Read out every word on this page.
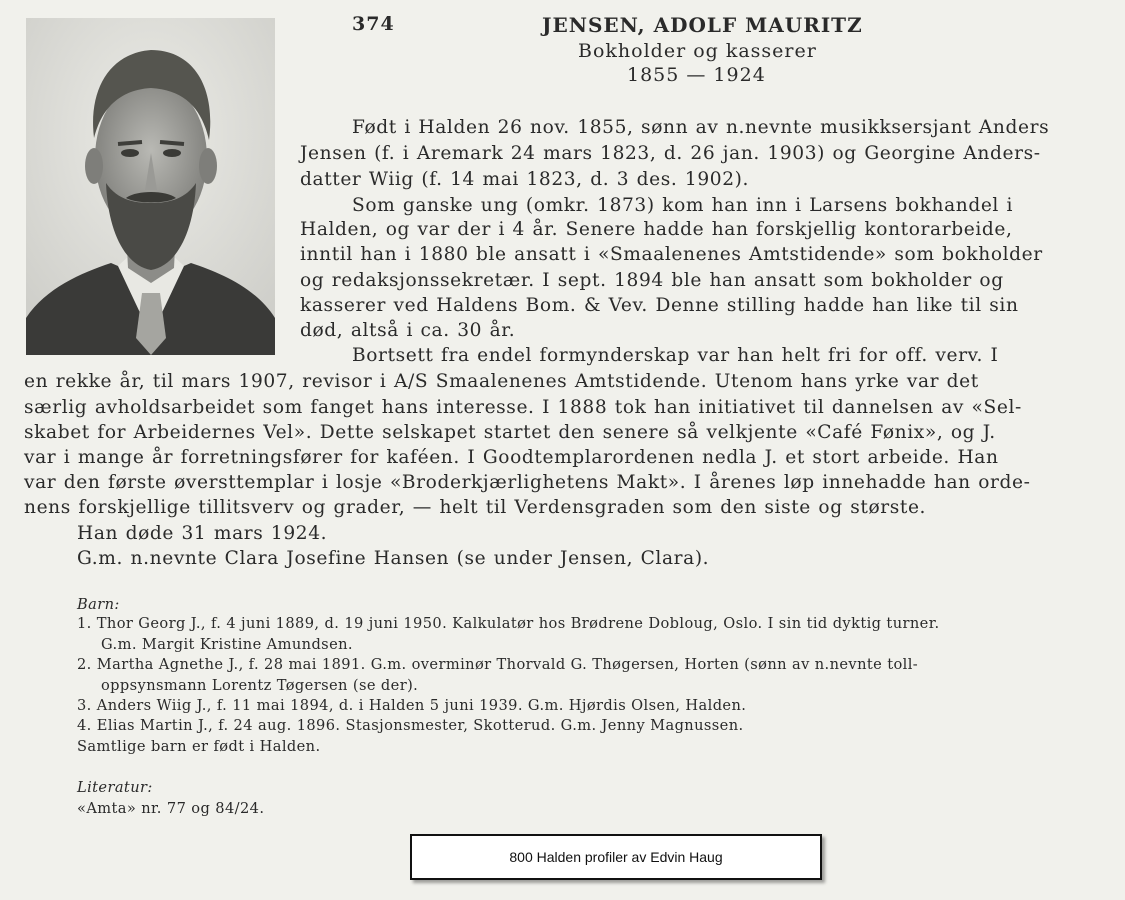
374	JENSEN, ADOLF MAURITZ
Bokholder og kasserer
1855 — 1924
Født i Halden 26 nov. 1855, sønn av n.nevnte musikksersjant Anders
Jensen (f. i Aremark 24 mars 1823, d. 26 jan. 1903) og Georgine Anders-
datter Wiig (f. 14 mai 1823, d. 3 des. 1902).
Som ganske ung (omkr. 1873) kom han inn i Larsens bokhandel i
Halden, og var der i 4 år. Senere hadde han forskjellig kontorarbeide,
inntil han i 1880 ble ansatt i «Smaalenenes Amtstidende» som bokholder
og redaksjonssekretær. I sept. 1894 ble han ansatt som bokholder og
kasserer ved Haldens Bom. & Vev. Denne stilling hadde han like til sin
død, altså i ca. 30 år.
Bortsett fra endel formynderskap var han helt fri for off. verv. I
en rekke år, til mars 1907, revisor i A/S Smaalenenes Amtstidende. Utenom hans yrke var det
særlig avholdsarbeidet som fanget hans interesse. I 1888 tok han initiativet til dannelsen av «Sel-
skabet for Arbeidernes Vel». Dette selskapet startet den senere så velkjente «Café Fønix», og J.
var i mange år forretningsfører for kaféen. I Goodtemplarordenen nedla J. et stort arbeide. Han
var den første øversttemplar i losje «Broderkjærlighetens Makt». I årenes løp innehadde han orde-
nens forskjellige tillitsverv og grader, — helt til Verdensgraden som den siste og største.
Han døde 31 mars 1924.
G.m. n.nevnte Clara Josefine Hansen (se under Jensen, Clara).
Barn:
1. Thor Georg J., f. 4 juni 1889, d. 19 juni 1950. Kalkulatør hos Brødrene Dobloug, Oslo. I sin tid dyktig turner.
G.m. Margit Kristine Amundsen.
2. Martha Agnethe J., f. 28 mai 1891. G.m. overminør Thorvald G. Thøgersen, Horten (sønn av n.nevnte toll-
oppsynsmann Lorentz Tøgersen (se der).
3. Anders Wiig J., f. 11 mai 1894, d. i Halden 5 juni 1939. G.m. Hjørdis Olsen, Halden.
4. Elias Martin J., f. 24 aug. 1896. Stasjonsmester, Skotterud. G.m. Jenny Magnussen.
Samtlige barn er født i Halden.
Literatur:
«Amta» nr. 77 og 84/24.
800 Halden profiler av Edvin Haug
